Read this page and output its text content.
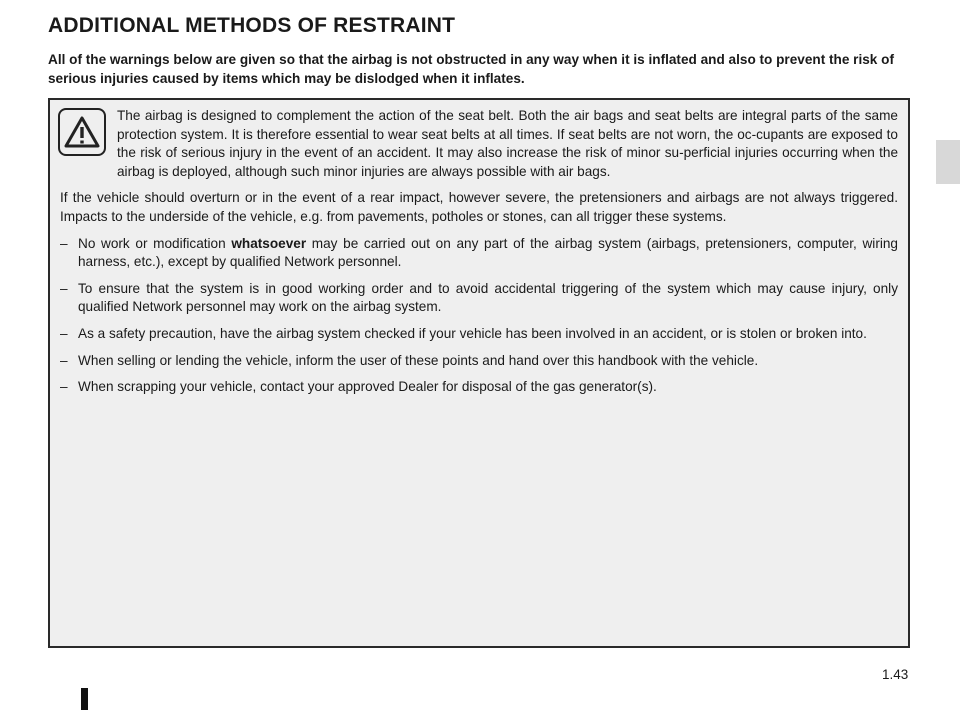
ADDITIONAL METHODS OF RESTRAINT
All of the warnings below are given so that the airbag is not obstructed in any way when it is inflated and also to prevent the risk of serious injuries caused by items which may be dislodged when it inflates.

The airbag is designed to complement the action of the seat belt. Both the air bags and seat belts are integral parts of the same protection system. It is therefore essential to wear seat belts at all times. If seat belts are not worn, the oc-cupants are exposed to the risk of serious injury in the event of an accident. It may also increase the risk of minor su-perficial injuries occurring when the airbag is deployed, although such minor injuries are always possible with air bags.

If the vehicle should overturn or in the event of a rear impact, however severe, the pretensioners and airbags are not always triggered. Impacts to the underside of the vehicle, e.g. from pavements, potholes or stones, can all trigger these systems.

– No work or modification whatsoever may be carried out on any part of the airbag system (airbags, pretensioners, computer, wiring harness, etc.), except by qualified Network personnel.
– To ensure that the system is in good working order and to avoid accidental triggering of the system which may cause injury, only qualified Network personnel may work on the airbag system.
– As a safety precaution, have the airbag system checked if your vehicle has been involved in an accident, or is stolen or broken into.
– When selling or lending the vehicle, inform the user of these points and hand over this handbook with the vehicle.
– When scrapping your vehicle, contact your approved Dealer for disposal of the gas generator(s).
1.43
